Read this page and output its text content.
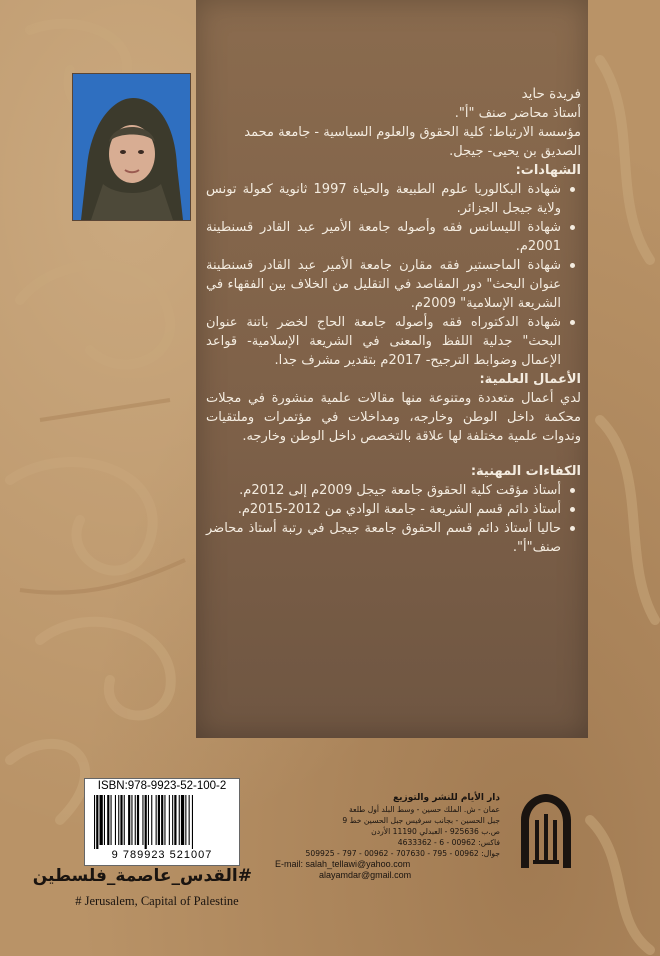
فريدة حايد

أستاذ محاضر صنف "أ".

مؤسسة الارتباط: كلية الحقوق والعلوم السياسية - جامعة محمد الصديق بن يحيى- جيجل.

الشهادات:

شهادة البكالوريا علوم الطبيعة والحياة 1997 ثانوية كعولة تونس ولاية جيجل الجزائر.
شهادة الليسانس فقه وأصوله جامعة الأمير عبد القادر قسنطينة 2001م.
شهادة الماجستير فقه مقارن جامعة الأمير عبد القادر قسنطينة عنوان البحث" دور المقاصد في التقليل من الخلاف بين الفقهاء في الشريعة الإسلامية" 2009م.
شهادة الدكتوراه فقه وأصوله جامعة الحاج لخضر باتنة عنوان البحث" جدلية اللفظ والمعنى في الشريعة الإسلامية- قواعد الإعمال وضوابط الترجيح- 2017م بتقدير مشرف جدا.

الأعمال العلمية:

لدي أعمال متعددة ومتنوعة منها مقالات علمية منشورة في مجلات محكمة داخل الوطن وخارجه، ومداخلات في مؤتمرات وملتقيات وندوات علمية مختلفة لها علاقة بالتخصص داخل الوطن وخارجه.

الكفاءات المهنية:

أستاذ مؤقت كلية الحقوق جامعة جيجل 2009م إلى 2012م.
أستاذ دائم قسم الشريعة - جامعة الوادي من 2012-2015م.
حاليا أستاذ دائم قسم الحقوق جامعة جيجل في رتبة أستاذ محاضر صنف"أ".
ISBN:978-9923-52-100-2
9 789923 521007
#القدس_عاصمة_فلسطين
# Jerusalem, Capital of Palestine
دار الأيام للنشر والتوزيع
عمان - ش. الملك حسين - وسط البلد أول طلعة
جبل الحسين - بجانب سرفيس جبل الحسين خط 9
ص.ب 925636 - العبدلي 11190 الأردن
فاكس: 00962 - 6 - 4633362
جوال: 00962 - 795 - 707630 - 00962 - 797 - 509925
E-mail: salah_tellawi@yahoo.com
alayamdar@gmail.com
